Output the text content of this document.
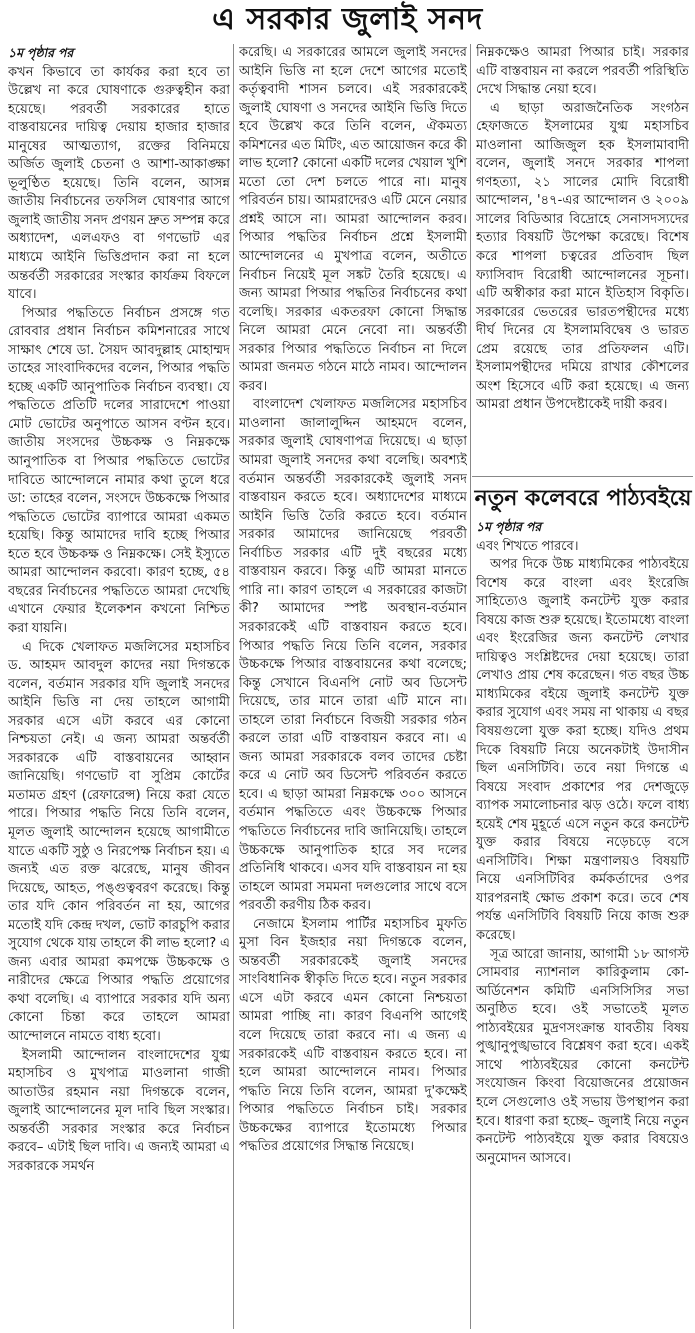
এ সরকার জুলাই সনদ
১ম পৃষ্ঠার পর

কখন কিভাবে তা কার্যকর করা হবে তা উল্লেখ না করে ঘোষণাকে গুরুত্বহীন করা হয়েছে। পরবর্তী সরকারের হাতে বাস্তবায়নের দায়িত্ব দেয়ায় হাজার হাজার মানুষের আত্মত্যাগ, রক্তের বিনিময়ে অর্জিত জুলাই চেতনা ও আশা-আকাঙ্ক্ষা ভূলুণ্ঠিত হয়েছে। তিনি বলেন, আসন্ন জাতীয় নির্বাচনের তফসিল ঘোষণার আগে জুলাই জাতীয় সনদ প্রণয়ন দ্রুত সম্পন্ন করে অধ্যাদেশ, এলএফও বা গণভোট এর মাধ্যমে আইনি ভিত্তিপ্রদান করা না হলে অন্তর্বর্তী সরকারের সংস্কার কার্যক্রম বিফলে যাবে।

পিআর পদ্ধতিতে নির্বাচন প্রসঙ্গে গত রোববার প্রধান নির্বাচন কমিশনারের সাথে সাক্ষাৎ শেষে ডা. সৈয়দ আবদুল্লাহ মোহাম্মদ তাহের সাংবাদিকদের বলেন, পিআর পদ্ধতি হচ্ছে একটি আনুপাতিক নির্বাচন ব্যবস্থা। যে পদ্ধতিতে প্রতিটি দলের সারাদেশে পাওয়া মোট ভোটের অনুপাতে আসন বণ্টন হবে। জাতীয় সংসদের উচ্চকক্ষ ও নিম্নকক্ষে আনুপাতিক বা পিআর পদ্ধতিতে ভোটের দাবিতে আন্দোলনে নামার কথা তুলে ধরে ডা: তাহের বলেন, সংসদে উচ্চকক্ষে পিআর পদ্ধতিতে ভোটের ব্যাপারে আমরা একমত হয়েছি। কিন্তু আমাদের দাবি হচ্ছে পিআর হতে হবে উচ্চকক্ষ ও নিম্নকক্ষে। সেই ইস্যুতে আমরা আন্দোলন করবো। কারণ হচ্ছে, ৫৪ বছরের নির্বাচনের পদ্ধতিতে আমরা দেখেছি এখানে ফেয়ার ইলেকশন কখনো নিশ্চিত করা যায়নি।

এ দিকে খেলাফত মজলিসের মহাসচিব ড. আহমদ আবদুল কাদের নয়া দিগন্তকে বলেন, বর্তমান সরকার যদি জুলাই সনদের আইনি ভিত্তি না দেয় তাহলে আগামী সরকার এসে এটা করবে এর কোনো নিশ্চয়তা নেই। এ জন্য আমরা অন্তর্বর্তী সরকারকে এটি বাস্তবায়নের আহ্বান জানিয়েছি। গণভোট বা সুপ্রিম কোর্টের মতামত গ্রহণ (রেফারেন্স) নিয়ে করা যেতে পারে। পিআর পদ্ধতি নিয়ে তিনি বলেন, মূলত জুলাই আন্দোলন হয়েছে আগামীতে যাতে একটি সুষ্ঠু ও নিরপেক্ষ নির্বাচন হয়। এ জন্যই এত রক্ত ঝরেছে, মানুষ জীবন দিয়েছে, আহত, পঙ্গুত্ববরণ করেছে। কিন্তু তার যদি কোন পরিবর্তন না হয়, আগের মতোই যদি কেন্দ্র দখল, ভোট কারচুপি করার সুযোগ থেকে যায় তাহলে কী লাভ হলো? এ জন্য এবার আমরা কমপক্ষে উচ্চকক্ষে ও নারীদের ক্ষেত্রে পিআর পদ্ধতি প্রয়োগের কথা বলেছি। এ ব্যাপারে সরকার যদি অন্য কোনো চিন্তা করে তাহলে আমরা আন্দোলনে নামতে বাধ্য হবো।

ইসলামী আন্দোলন বাংলাদেশের যুগ্ম মহাসচিব ও মুখপাত্র মাওলানা গাজী আতাউর রহমান নয়া দিগন্তকে বলেন, জুলাই আন্দোলনের মূল দাবি ছিল সংস্কার। অন্তর্বর্তী সরকার সংস্কার করে নির্বাচন করবে– এটাই ছিল দাবি। এ জন্যই আমরা এ সরকারকে সমর্থন

করেছি। এ সরকারের আমলে জুলাই সনদের আইনি ভিত্তি না হলে দেশে আগের মতোই কর্তৃত্ববাদী শাসন চলবে। এই সরকারকেই জুলাই ঘোষণা ও সনদের আইনি ভিত্তি দিতে হবে উল্লেখ করে তিনি বলেন, ঐকমত্য কমিশনের এত মিটিং, এত আয়োজন করে কী লাভ হলো? কোনো একটি দলের খেয়াল খুশি মতো তো দেশ চলতে পারে না। মানুষ পরিবর্তন চায়। আমরাদেরও এটি মেনে নেয়ার প্রশ্নই আসে না। আমরা আন্দোলন করব। পিআর পদ্ধতির নির্বাচন প্রশ্নে ইসলামী আন্দোলনের এ মুখপাত্র বলেন, অতীতে নির্বাচন নিয়েই মূল সঙ্কট তৈরি হয়েছে। এ জন্য আমরা পিআর পদ্ধতির নির্বাচনের কথা বলেছি। সরকার একতরফা কোনো সিদ্ধান্ত নিলে আমরা মেনে নেবো না। অন্তর্বর্তী সরকার পিআর পদ্ধতিতে নির্বাচন না দিলে আমরা জনমত গঠনে মাঠে নামব। আন্দোলন করব।

বাংলাদেশ খেলাফত মজলিসের মহাসচিব মাওলানা জালালুদ্দিন আহমদে বলেন, সরকার জুলাই ঘোষণাপত্র দিয়েছে। এ ছাড়া আমরা জুলাই সনদের কথা বলেছি। অবশ্যই বর্তমান অন্তর্বর্তী সরকারকেই জুলাই সনদ বাস্তবায়ন করতে হবে। অধ্যাদেশের মাধ্যমে আইনি ভিত্তি তৈরি করতে হবে। বর্তমান সরকার আমাদের জানিয়েছে পরবর্তী নির্বাচিত সরকার এটি দুই বছরের মধ্যে বাস্তবায়ন করবে। কিন্তু এটি আমরা মানতে পারি না। কারণ তাহলে এ সরকারের কাজটা কী? আমাদের স্পষ্ট অবস্থান-বর্তমান সরকারকেই এটি বাস্তবায়ন করতে হবে। পিআর পদ্ধতি নিয়ে তিনি বলেন, সরকার উচ্চকক্ষে পিআর বাস্তবায়নের কথা বলেছে; কিন্তু সেখানে বিএনপি নোট অব ডিসেন্ট দিয়েছে, তার মানে তারা এটি মানে না। তাহলে তারা নির্বাচনে বিজয়ী সরকার গঠন করলে তারা এটি বাস্তবায়ন করবে না। এ জন্য আমরা সরকারকে বলব তাদের চেষ্টা করে এ নোট অব ডিসেন্ট পরিবর্তন করতে হবে। এ ছাড়া আমরা নিম্নকক্ষে ৩০০ আসনে বর্তমান পদ্ধতিতে এবং উচ্চকক্ষে পিআর পদ্ধতিতে নির্বাচনের দাবি জানিয়েছি। তাহলে উচ্চকক্ষে আনুপাতিক হারে সব দলের প্রতিনিধি থাকবে। এসব যদি বাস্তবায়ন না হয় তাহলে আমরা সমমনা দলগুলোর সাথে বসে পরবর্তী করণীয় ঠিক করব।

নেজামে ইসলাম পার্টির মহাসচিব মুফতি মুসা বিন ইজহার নয়া দিগন্তকে বলেন, অন্তবর্তী সরকারকেই জুলাই সনদের সাংবিধানিক স্বীকৃতি দিতে হবে। নতুন সরকার এসে এটা করবে এমন কোনো নিশ্চয়তা আমরা পাচ্ছি না। কারণ বিএনপি আগেই বলে দিয়েছে তারা করবে না। এ জন্য এ সরকারকেই এটি বাস্তবায়ন করতে হবে। না হলে আমরা আন্দোলনে নামব। পিআর পদ্ধতি নিয়ে তিনি বলেন, আমরা দু'কক্ষেই পিআর পদ্ধতিতে নির্বাচন চাই। সরকার উচ্চকক্ষের ব্যাপারে ইতোমধ্যে পিআর পদ্ধতির প্রয়োগের সিদ্ধান্ত নিয়েছে।

নিম্নকক্ষেও আমরা পিআর চাই। সরকার এটি বাস্তবায়ন না করলে পরবর্তী পরিস্থিতি দেখে সিদ্ধান্ত নেয়া হবে।

এ ছাড়া অরাজনৈতিক সংগঠন হেফাজতে ইসলামের যুগ্ম মহাসচিব মাওলানা আজিজুল হক ইসলামাবাদী বলেন, জুলাই সনদে সরকার শাপলা গণহত্যা, ২১ সালের মোদি বিরোধী আন্দোলন, '৪৭-এর আন্দোলন ও ২০০৯ সালের বিডিআর বিদ্রোহে সেনাসদস্যদের হত্যার বিষয়টি উপেক্ষা করেছে। বিশেষ করে শাপলা চত্বরের প্রতিবাদ ছিল ফ্যাসিবাদ বিরোধী আন্দোলনের সূচনা। এটি অস্বীকার করা মানে ইতিহাস বিকৃতি। সরকারের ভেতরের ভারতপন্থীদের মধ্যে দীর্ঘ দিনের যে ইসলামবিদ্বেষ ও ভারত প্রেম রয়েছে তার প্রতিফলন এটি। ইসলামপন্থীদের দমিয়ে রাখার কৌশলের অংশ হিসেবে এটি করা হয়েছে। এ জন্য আমরা প্রধান উপদেষ্টাকেই দায়ী করব।

নতুন কলেবরে পাঠ্যবইয়ে
১ম পৃষ্ঠার পর

এবং শিখতে পারবে।

অপর দিকে উচ্চ মাধ্যমিকের পাঠ্যবইয়ে বিশেষ করে বাংলা এবং ইংরেজি সাহিত্যেও জুলাই কনটেন্ট যুক্ত করার বিষয়ে কাজ শুরু হয়েছে। ইতোমধ্যে বাংলা এবং ইংরেজির জন্য কনটেন্ট লেখার দায়িত্বও সংশ্লিষ্টদের দেয়া হয়েছে। তারা লেখাও প্রায় শেষ করেছেন। গত বছর উচ্চ মাধ্যমিকের বইয়ে জুলাই কনটেন্ট যুক্ত করার সুযোগ এবং সময় না থাকায় এ বছর বিষয়গুলো যুক্ত করা হচ্ছে। যদিও প্রথম দিকে বিষয়টি নিয়ে অনেকটাই উদাসীন ছিল এনসিটিবি। তবে নয়া দিগন্তে এ বিষয়ে সংবাদ প্রকাশের পর দেশজুড়ে ব্যাপক সমালোচনার ঝড় ওঠে। ফলে বাধ্য হয়েই শেষ মুহূর্তে এসে নতুন করে কনটেন্ট যুক্ত করার বিষয়ে নড়েচড়ে বসে এনসিটিবি। শিক্ষা মন্ত্রণালয়ও বিষয়টি নিয়ে এনসিটিবির কর্মকর্তাদের ওপর যারপরনাই ক্ষোভ প্রকাশ করে। তবে শেষ পর্যন্ত এনসিটিবি বিষয়টি নিয়ে কাজ শুরু করেছে।

সূত্র আরো জানায়, আগামী ১৮ আগস্ট সোমবার ন্যাশনাল কারিকুলাম কো-অর্ডিনেশন কমিটি এনসিসিসির সভা অনুষ্ঠিত হবে। ওই সভাতেই মূলত পাঠ্যবইয়ের মুদ্রণসংক্রান্ত যাবতীয় বিষয় পুঙ্খানুপুঙ্খভাবে বিশ্লেষণ করা হবে। একই সাথে পাঠ্যবইয়ের কোনো কনটেন্ট সংযোজন কিংবা বিয়োজনের প্রয়োজন হলে সেগুলোও ওই সভায় উপস্থাপন করা হবে। ধারণা করা হচ্ছে– জুলাই নিয়ে নতুন কনটেন্ট পাঠ্যবইয়ে যুক্ত করার বিষয়েও অনুমোদন আসবে।
